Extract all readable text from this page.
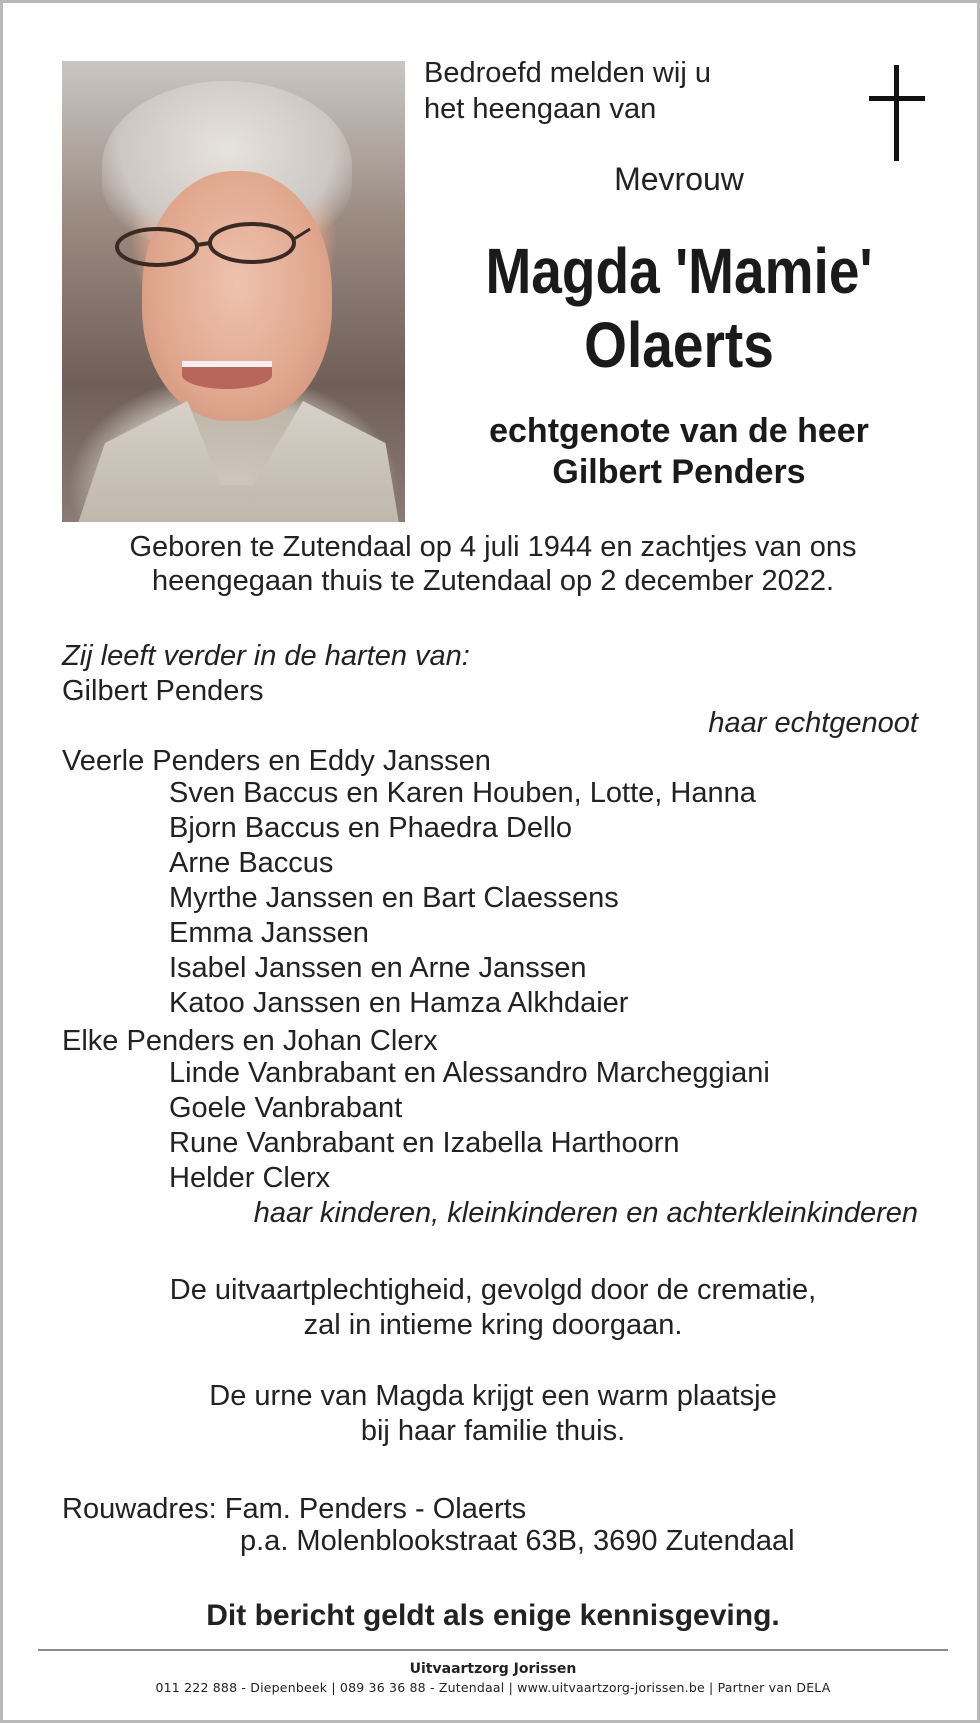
Bedroefd melden wij u

het heengaan van

Mevrouw

Magda 'Mamie'
Olaerts
echtgenote van de heer
Gilbert Penders
Geboren te Zutendaal op 4 juli 1944 en zachtjes van ons
heengegaan thuis te Zutendaal op 2 december 2022.

Zij leeft verder in de harten van:

Gilbert Penders

haar echtgenoot

Veerle Penders en Eddy Janssen

Sven Baccus en Karen Houben, Lotte, Hanna

Bjorn Baccus en Phaedra Dello

Arne Baccus

Myrthe Janssen en Bart Claessens

Emma Janssen

Isabel Janssen en Arne Janssen

Katoo Janssen en Hamza Alkhdaier

Elke Penders en Johan Clerx

Linde Vanbrabant en Alessandro Marcheggiani

Goele Vanbrabant

Rune Vanbrabant en Izabella Harthoorn

Helder Clerx

haar kinderen, kleinkinderen en achterkleinkinderen

De uitvaartplechtigheid, gevolgd door de crematie,
zal in intieme kring doorgaan.
De urne van Magda krijgt een warm plaatsje
bij haar familie thuis.

Rouwadres: Fam. Penders - Olaerts

p.a. Molenblookstraat 63B, 3690 Zutendaal

Dit bericht geldt als enige kennisgeving.

Uitvaartzorg Jorissen
011 222 888 - Diepenbeek | 089 36 36 88 - Zutendaal | www.uitvaartzorg-jorissen.be | Partner van DELA
